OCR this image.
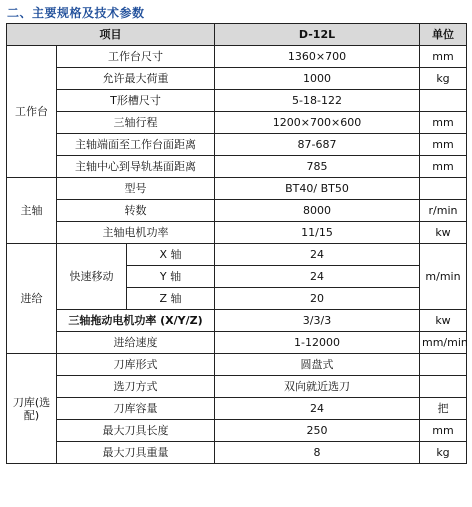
二、主要规格及技术参数
项目			D-12L	单位
工作台	工作台尺寸		1360×700	mm
	允许最大荷重		1000	kg
	T形槽尺寸		5-18-122	
	三轴行程		1200×700×600	mm
	主轴端面至工作台面距离		87-687	mm
	主轴中心到导轨基面距离		785	mm
主轴	型号		BT40/ BT50	
	转数		8000	r/min
	主轴电机功率		11/15	kw
进给	快速移动	X 轴	24	m/min
		Y 轴	24	
		Z 轴	20	
	三轴拖动电机功率 (X/Y/Z)		3/3/3	kw
	进给速度		1-12000	mm/min
刀库(选配)	刀库形式		圆盘式	
	选刀方式		双向就近选刀	
	刀库容量		24	把
	最大刀具长度		250	mm
	最大刀具重量		8	kg
